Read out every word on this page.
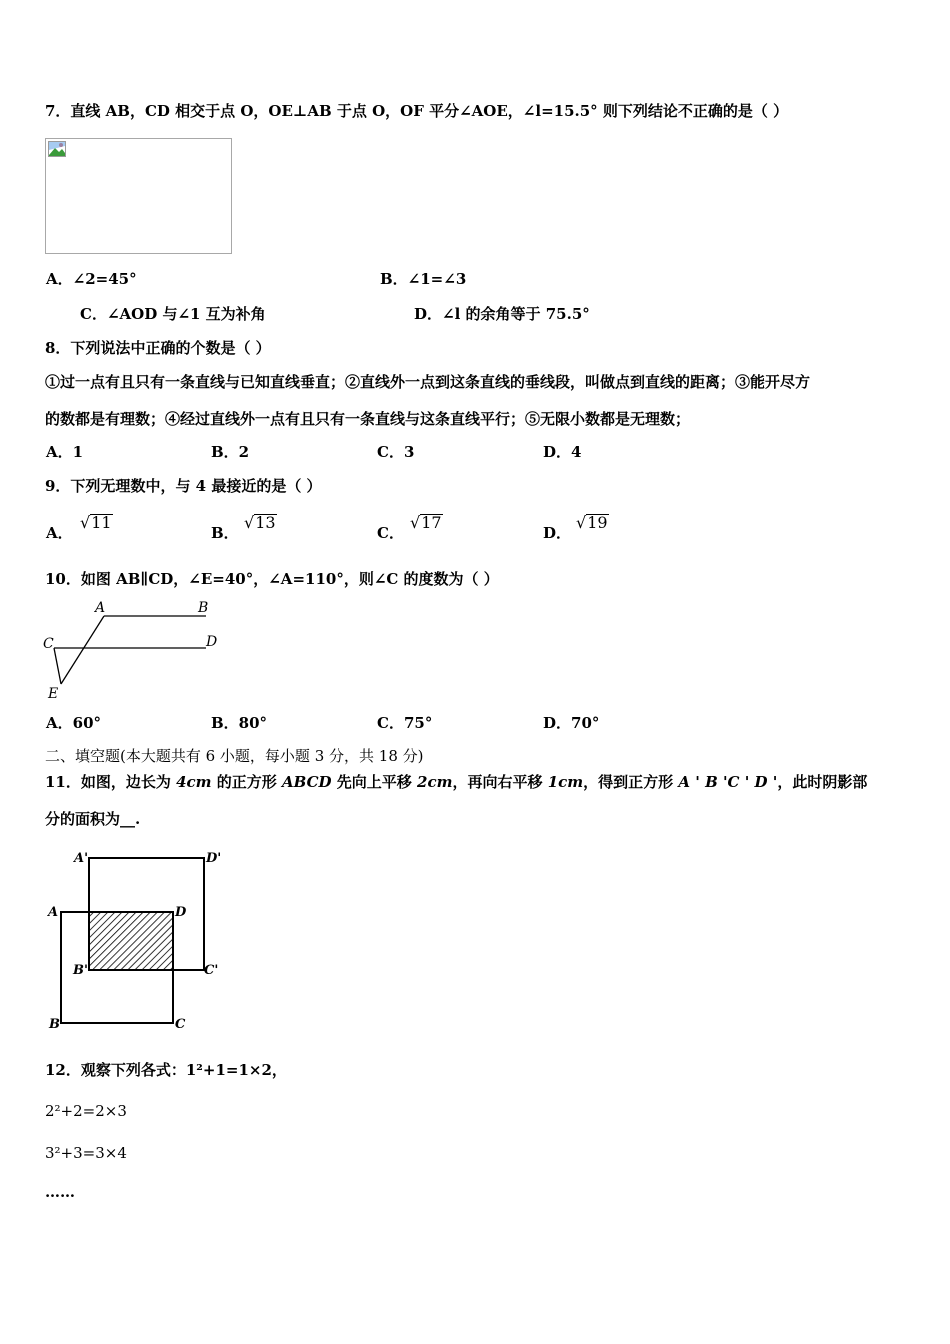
7．直线 AB，CD 相交于点 O，OE⊥AB 于点 O，OF 平分∠AOE，∠l=15.5° 则下列结论不正确的是（ ）
A．∠2=45°	B．∠1=∠3
C．∠AOD 与∠1 互为补角	D．∠l 的余角等于 75.5°
8．下列说法中正确的个数是（ ）
①过一点有且只有一条直线与已知直线垂直；②直线外一点到这条直线的垂线段，叫做点到直线的距离；③能开尽方
的数都是有理数；④经过直线外一点有且只有一条直线与这条直线平行；⑤无限小数都是无理数；
A．1	B．2	C．3	D．4
9．下列无理数中，与 4 最接近的是（ ）
A．
√11
B．
√13
C．
√17
D．
√19
10．如图 AB∥CD，∠E=40°，∠A=110°，则∠C 的度数为（ ）
A	B
C	D
E
A．60°	B．80°	C．75°	D．70°
二、填空题(本大题共有 6 小题，每小题 3 分，共 18 分)
11．如图，边长为 4cm 的正方形 ABCD 先向上平移 2cm，再向右平移 1cm，得到正方形 A ' B 'C ' D '，此时阴影部
分的面积为__.
A'	D'
A	D
B'	C'
B	C
12．观察下列各式：1²+1=1×2，
2²+2=2×3
3²+3=3×4
……
